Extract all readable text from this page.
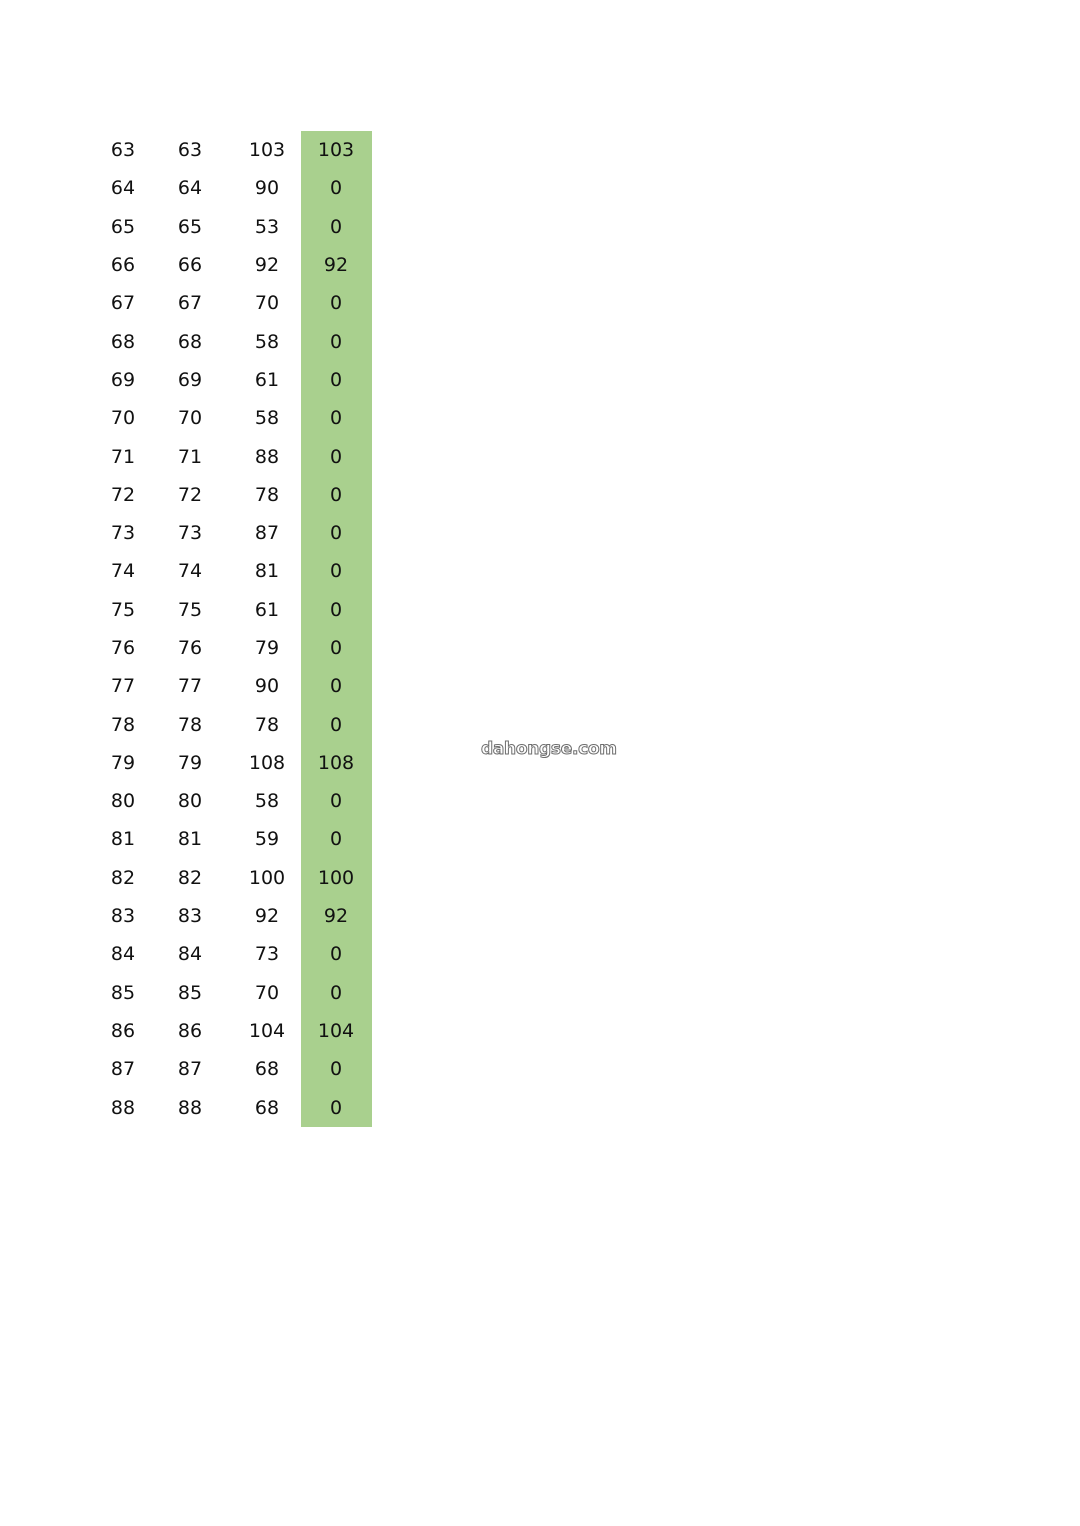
63	63	103	103
64	64	90	0
65	65	53	0
66	66	92	92
67	67	70	0
68	68	58	0
69	69	61	0
70	70	58	0
71	71	88	0
72	72	78	0
73	73	87	0
74	74	81	0
75	75	61	0
76	76	79	0
77	77	90	0
78	78	78	0
79	79	108	108
80	80	58	0
81	81	59	0
82	82	100	100
83	83	92	92
84	84	73	0
85	85	70	0
86	86	104	104
87	87	68	0
88	88	68	0
dahongse.com
